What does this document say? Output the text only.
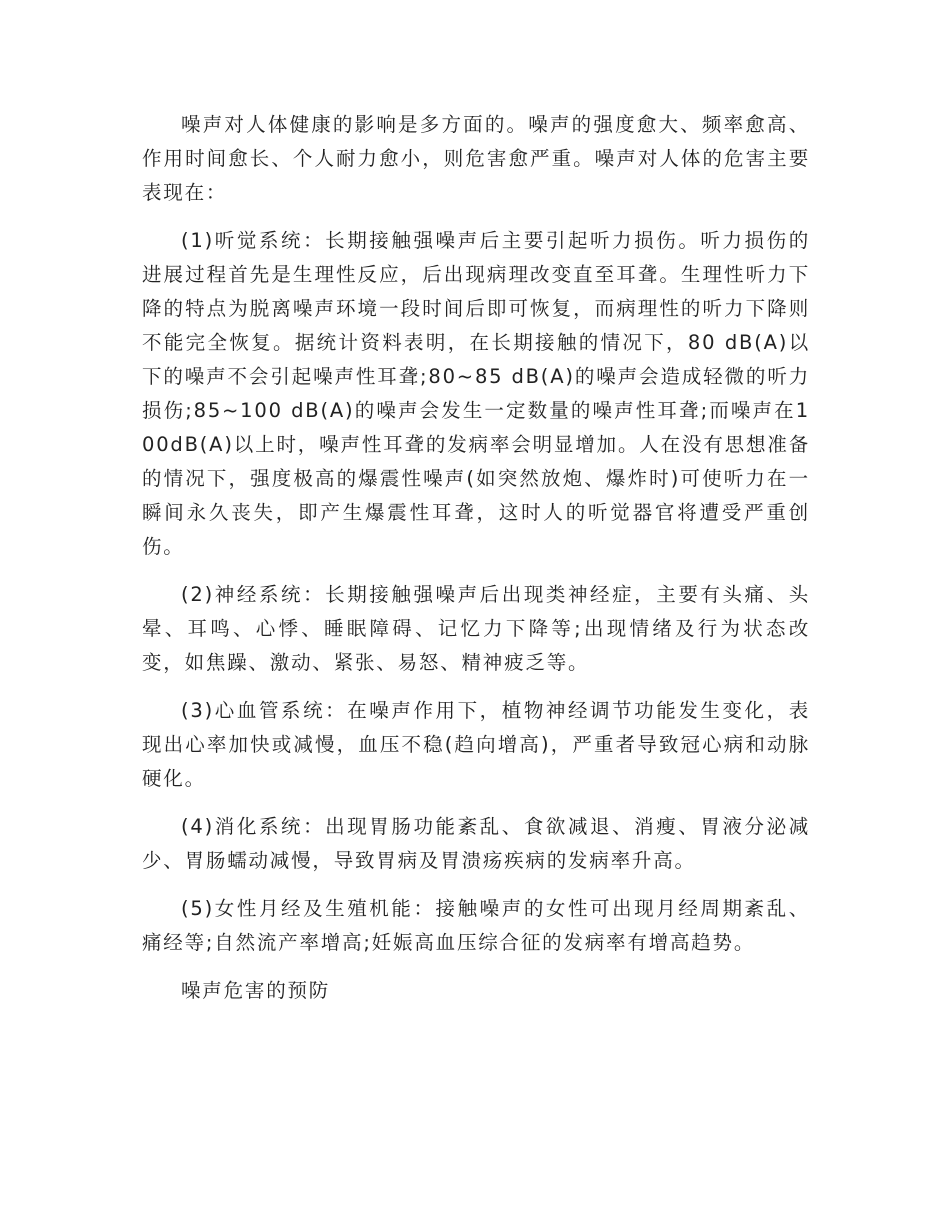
噪声对人体健康的影响是多方面的。噪声的强度愈大、频率愈高、作用时间愈长、个人耐力愈小，则危害愈严重。噪声对人体的危害主要表现在：

(1)听觉系统：长期接触强噪声后主要引起听力损伤。听力损伤的进展过程首先是生理性反应，后出现病理改变直至耳聋。生理性听力下降的特点为脱离噪声环境一段时间后即可恢复，而病理性的听力下降则不能完全恢复。据统计资料表明，在长期接触的情况下，80 dB(A)以下的噪声不会引起噪声性耳聋;80~85 dB(A)的噪声会造成轻微的听力损伤;85~100 dB(A)的噪声会发生一定数量的噪声性耳聋;而噪声在100dB(A)以上时，噪声性耳聋的发病率会明显增加。人在没有思想准备的情况下，强度极高的爆震性噪声(如突然放炮、爆炸时)可使听力在一瞬间永久丧失，即产生爆震性耳聋，这时人的听觉器官将遭受严重创伤。

(2)神经系统：长期接触强噪声后出现类神经症，主要有头痛、头晕、耳鸣、心悸、睡眠障碍、记忆力下降等;出现情绪及行为状态改变，如焦躁、激动、紧张、易怒、精神疲乏等。

(3)心血管系统：在噪声作用下，植物神经调节功能发生变化，表现出心率加快或减慢，血压不稳(趋向增高)，严重者导致冠心病和动脉硬化。

(4)消化系统：出现胃肠功能紊乱、食欲减退、消瘦、胃液分泌减少、胃肠蠕动减慢，导致胃病及胃溃疡疾病的发病率升高。

(5)女性月经及生殖机能：接触噪声的女性可出现月经周期紊乱、痛经等;自然流产率增高;妊娠高血压综合征的发病率有增高趋势。

噪声危害的预防
